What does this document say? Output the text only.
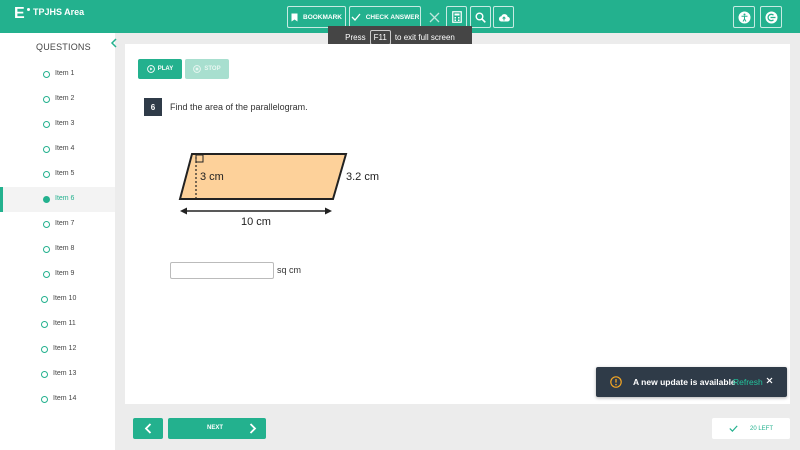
E TPJHS Area	BOOKMARK	CHECK ANSWER
Press	F11	to exit full screen
QUESTIONS
Item 1
Item 2
Item 3
Item 4
Item 5
Item 6
Item 7
Item 8
Item 9
Item 10
Item 11
Item 12
Item 13
Item 14
PLAY	STOP
6	Find the area of the parallelogram.
3 cm	3.2 cm
10 cm
sq cm
NEXT	20 LEFT
A new update is available
Refresh
